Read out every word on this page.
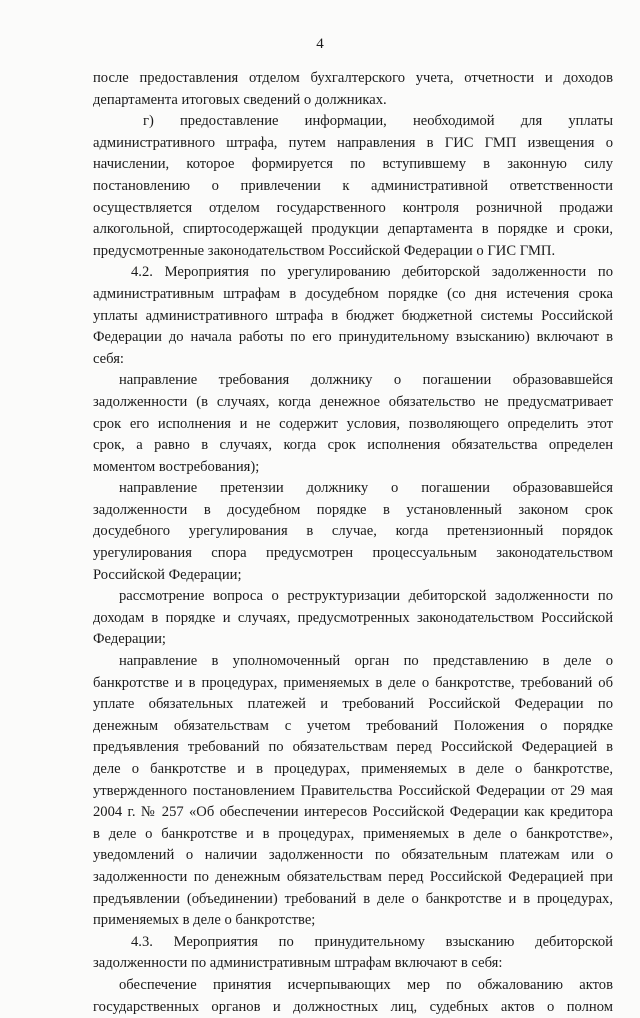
4
после предоставления отделом бухгалтерского учета, отчетности и доходов
департамента итоговых сведений о должниках.
г) предоставление информации, необходимой для уплаты
административного штрафа, путем направления в ГИС ГМП извещения о
начислении, которое формируется по вступившему в законную силу
постановлению о привлечении к административной ответственности
осуществляется отделом государственного контроля розничной продажи
алкогольной, спиртосодержащей продукции департамента в порядке и сроки,
предусмотренные законодательством Российской Федерации о ГИС ГМП.
4.2. Мероприятия по урегулированию дебиторской задолженности по
административным штрафам в досудебном порядке (со дня истечения срока
уплаты административного штрафа в бюджет бюджетной системы Российской
Федерации до начала работы по его принудительному взысканию) включают в
себя:
направление требования должнику о погашении образовавшейся
задолженности (в случаях, когда денежное обязательство не предусматривает
срок его исполнения и не содержит условия, позволяющего определить этот
срок, а равно в случаях, когда срок исполнения обязательства определен
моментом востребования);
направление претензии должнику о погашении образовавшейся
задолженности в досудебном порядке в установленный законом срок
досудебного урегулирования в случае, когда претензионный порядок
урегулирования спора предусмотрен процессуальным законодательством
Российской Федерации;
рассмотрение вопроса о реструктуризации дебиторской задолженности по
доходам в порядке и случаях, предусмотренных законодательством Российской
Федерации;
направление в уполномоченный орган по представлению в деле о
банкротстве и в процедурах, применяемых в деле о банкротстве, требований об
уплате обязательных платежей и требований Российской Федерации по
денежным обязательствам с учетом требований Положения о порядке
предъявления требований по обязательствам перед Российской Федерацией в
деле о банкротстве и в процедурах, применяемых в деле о банкротстве,
утвержденного постановлением Правительства Российской Федерации от 29 мая
2004 г. № 257 «Об обеспечении интересов Российской Федерации как кредитора
в деле о банкротстве и в процедурах, применяемых в деле о банкротстве»,
уведомлений о наличии задолженности по обязательным платежам или о
задолженности по денежным обязательствам перед Российской Федерацией при
предъявлении (объединении) требований в деле о банкротстве и в процедурах,
применяемых в деле о банкротстве;
4.3. Мероприятия по принудительному взысканию дебиторской
задолженности по административным штрафам включают в себя:
обеспечение принятия исчерпывающих мер по обжалованию актов
государственных органов и должностных лиц, судебных актов о полном
